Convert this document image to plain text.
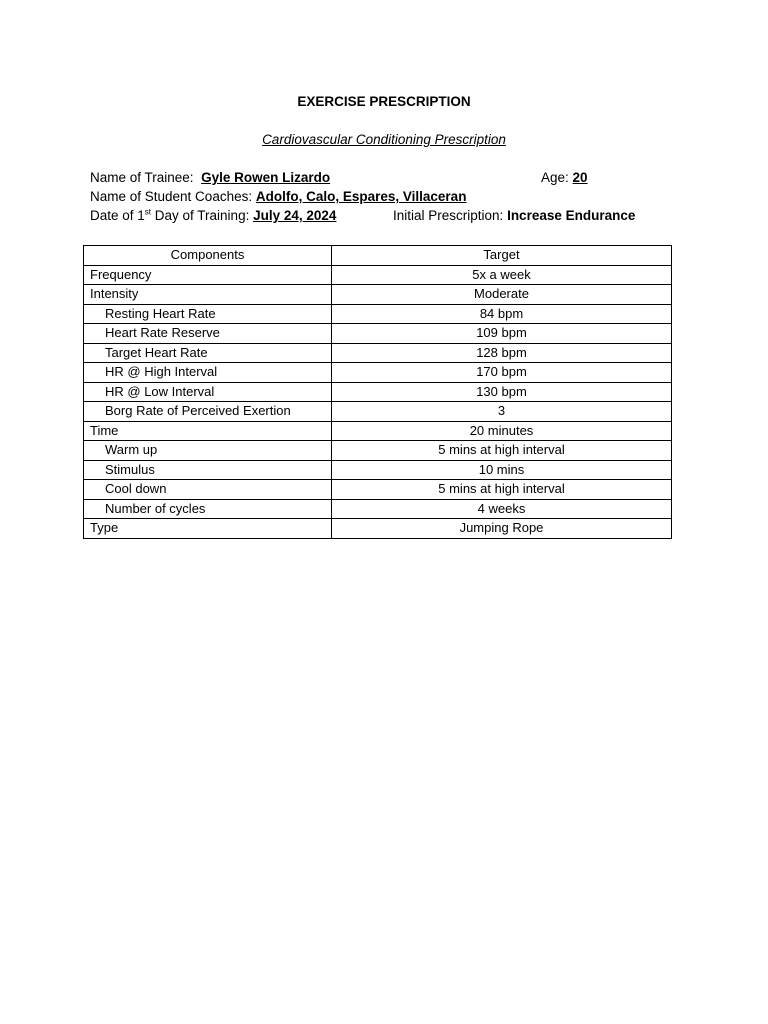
EXERCISE PRESCRIPTION
Cardiovascular Conditioning Prescription
Name of Trainee: Gyle Rowen Lizardo	Age: 20
Name of Student Coaches: Adolfo, Calo, Espares, Villaceran
Date of 1st Day of Training: July 24, 2024	Initial Prescription: Increase Endurance
Components	Target
Frequency	5x a week
Intensity	Moderate
Resting Heart Rate	84 bpm
Heart Rate Reserve	109 bpm
Target Heart Rate	128 bpm
HR @ High Interval	170 bpm
HR @ Low Interval	130 bpm
Borg Rate of Perceived Exertion	3
Time	20 minutes
Warm up	5 mins at high interval
Stimulus	10 mins
Cool down	5 mins at high interval
Number of cycles	4 weeks
Type	Jumping Rope
